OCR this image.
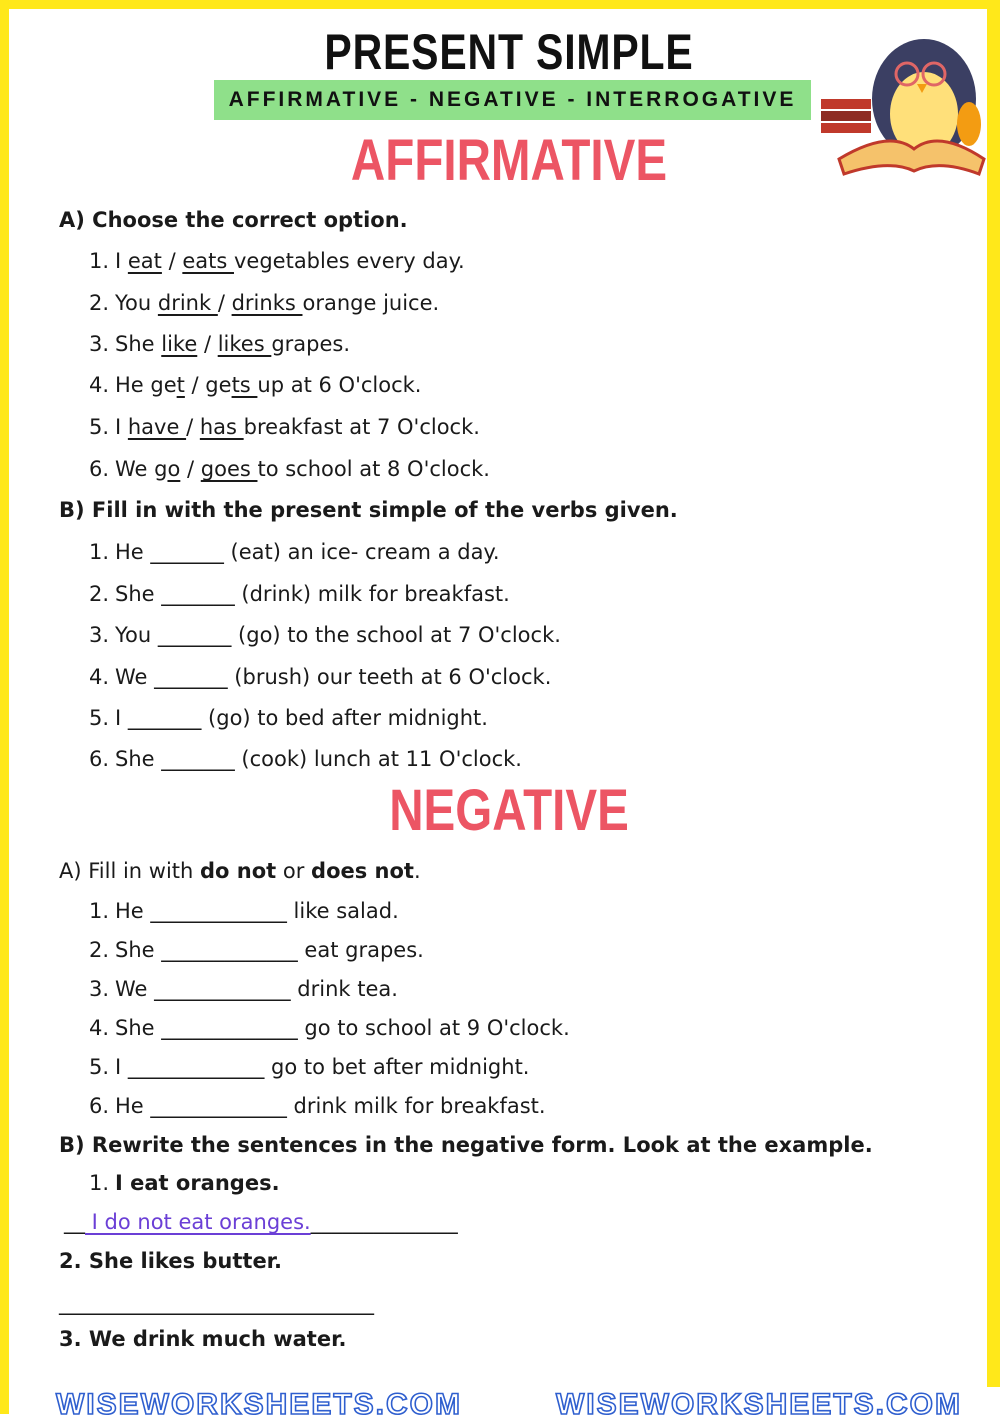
PRESENT SIMPLE
AFFIRMATIVE - NEGATIVE - INTERROGATIVE
AFFIRMATIVE
A) Choose the correct option.
1. I eat / eats vegetables every day.
2. You drink / drinks orange juice.
3. She like / likes grapes.
4. He get / gets up at 6 O'clock.
5. I have / has breakfast at 7 O'clock.
6. We go / goes to school at 8 O'clock.
B) Fill in with the present simple of the verbs given.
1. He _______ (eat) an ice- cream a day.
2. She _______ (drink) milk for breakfast.
3. You _______ (go) to the school at 7 O'clock.
4. We _______ (brush) our teeth at 6 O'clock.
5. I _______ (go) to bed after midnight.
6. She _______ (cook) lunch at 11 O'clock.
NEGATIVE
A) Fill in with do not or does not.
1. He _____________ like salad.
2. She _____________ eat grapes.
3. We _____________ drink tea.
4. She _____________ go to school at 9 O'clock.
5. I _____________ go to bet after midnight.
6. He _____________ drink milk for breakfast.
B) Rewrite the sentences in the negative form. Look at the example.
1. I eat oranges.
__ I do not eat oranges.______________
2. She likes butter.
______________________________
3. We drink much water.
WISEWORKSHEETS.COM	WISEWORKSHEETS.COM
